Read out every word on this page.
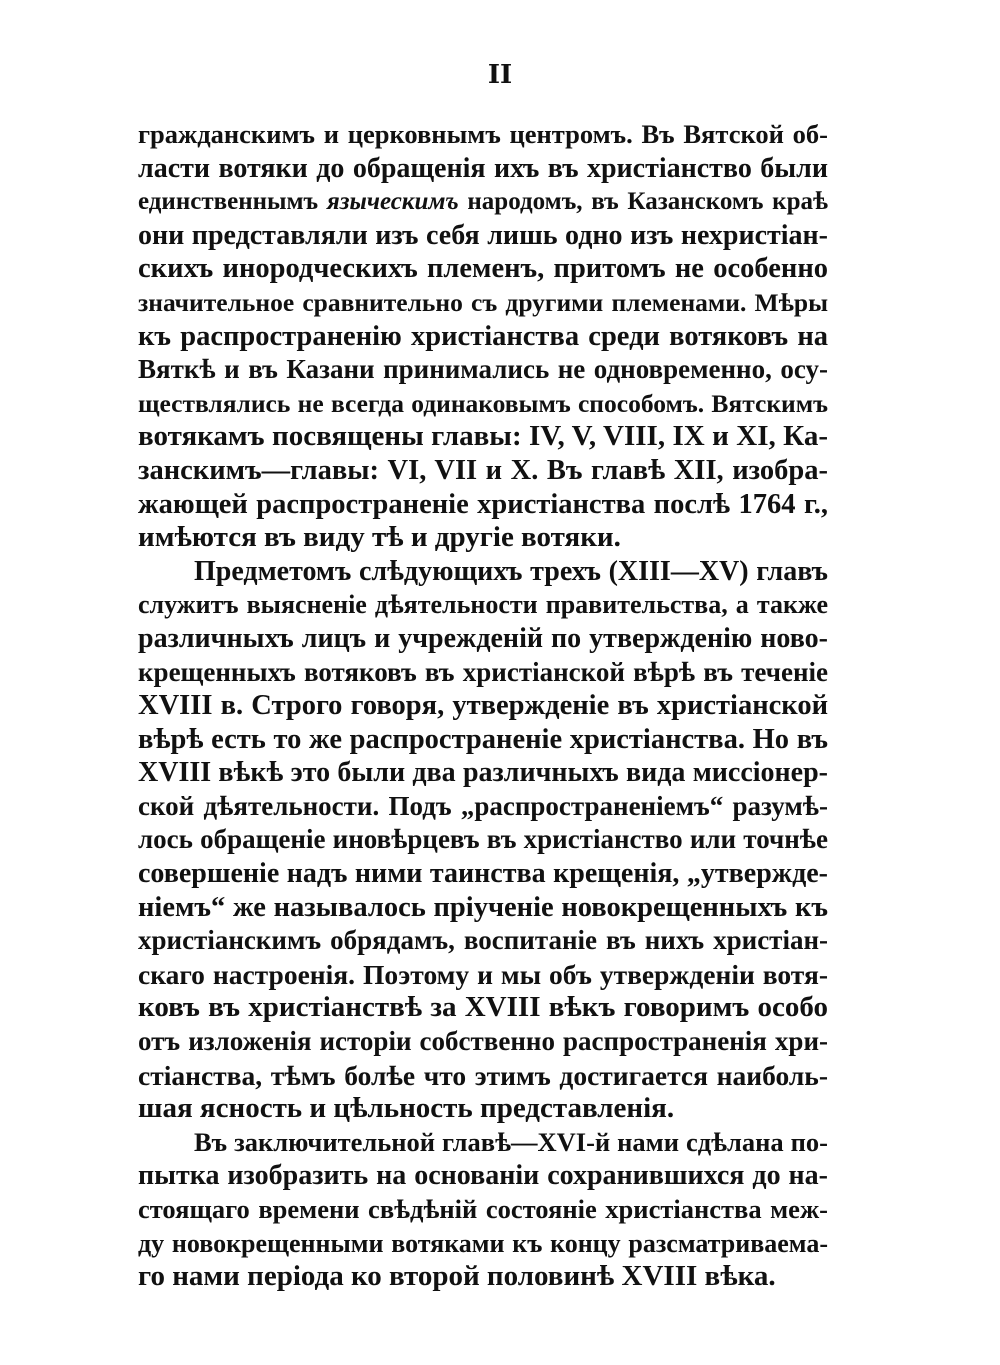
II
гражданскимъ и церковнымъ центромъ. Въ Вятской об-
ласти вотяки до обращенія ихъ въ христіанство были
единственнымъ языческимъ народомъ, въ Казанскомъ краѣ
они представляли изъ себя лишь одно изъ нехристіан-
скихъ инородческихъ племенъ, притомъ не особенно
значительное сравнительно съ другими племенами. Мѣры
къ распространенію христіанства среди вотяковъ на
Вяткѣ и въ Казани принимались не одновременно, осу-
ществлялись не всегда одинаковымъ способомъ. Вятскимъ
вотякамъ посвящены главы: IV, V, VIII, IX и XI, Ка-
занскимъ—главы: VI, VII и X. Въ главѣ XII, изобра-
жающей распространеніе христіанства послѣ 1764 г.,
имѣются въ виду тѣ и другіе вотяки.
Предметомъ слѣдующихъ трехъ (XIII—XV) главъ
служитъ выясненіе дѣятельности правительства, а также
различныхъ лицъ и учрежденій по утвержденію ново-
крещенныхъ вотяковъ въ христіанской вѣрѣ въ теченіе
XVIII в. Строго говоря, утвержденіе въ христіанской
вѣрѣ есть то же распространеніе христіанства. Но въ
XVIII вѣкѣ это были два различныхъ вида миссіонер-
ской дѣятельности. Подъ „распространеніемъ“ разумѣ-
лось обращеніе иновѣрцевъ въ христіанство или точнѣе
совершеніе надъ ними таинства крещенія, „утвержде-
ніемъ“ же называлось пріученіе новокрещенныхъ къ
христіанскимъ обрядамъ, воспитаніе въ нихъ христіан-
скаго настроенія. Поэтому и мы объ утвержденіи вотя-
ковъ въ христіанствѣ за XVIII вѣкъ говоримъ особо
отъ изложенія исторіи собственно распространенія хри-
стіанства, тѣмъ болѣе что этимъ достигается наиболь-
шая ясность и цѣльность представленія.
Въ заключительной главѣ—XVI-й нами сдѣлана по-
пытка изобразить на основаніи сохранившихся до на-
стоящаго времени свѣдѣній состояніе христіанства меж-
ду новокрещенными вотяками къ концу разсматриваема-
го нами періода ко второй половинѣ XVIII вѣка.
